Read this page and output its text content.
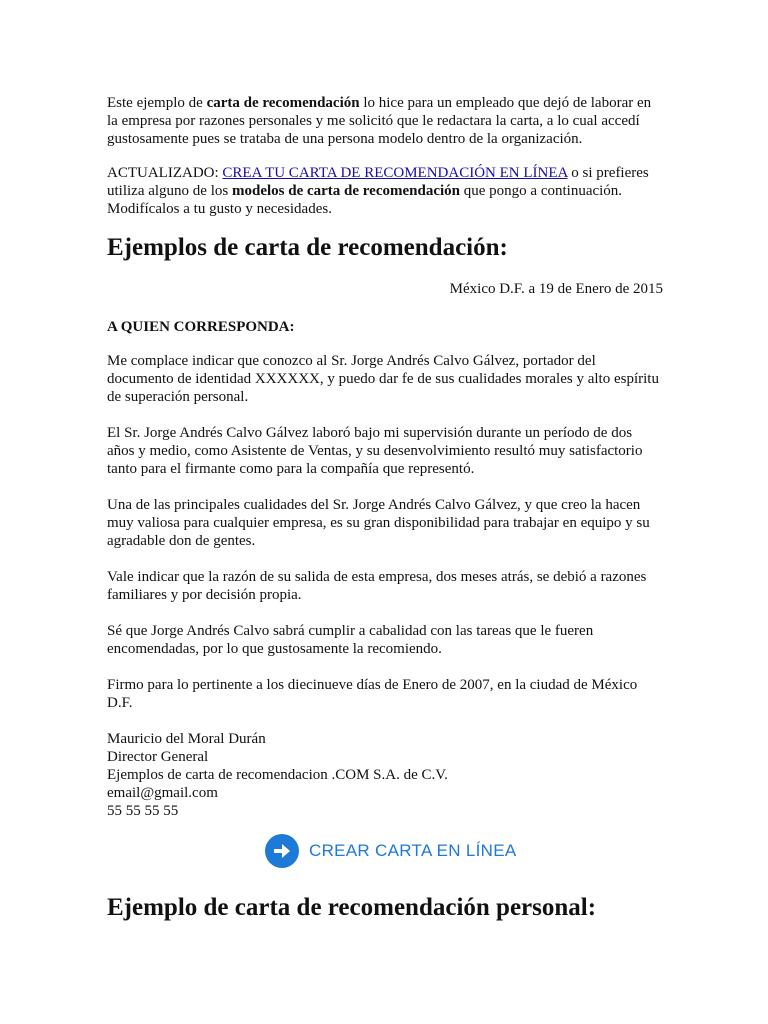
Este ejemplo de carta de recomendación lo hice para un empleado que dejó de laborar en la empresa por razones personales y me solicitó que le redactara la carta, a lo cual accedí gustosamente pues se trataba de una persona modelo dentro de la organización.

ACTUALIZADO: CREA TU CARTA DE RECOMENDACIÓN EN LÍNEA o si prefieres utiliza alguno de los modelos de carta de recomendación que pongo a continuación. Modifícalos a tu gusto y necesidades.

Ejemplos de carta de recomendación:

México D.F. a 19 de Enero de 2015

A QUIEN CORRESPONDA:

Me complace indicar que conozco al Sr. Jorge Andrés Calvo Gálvez, portador del documento de identidad XXXXXX, y puedo dar fe de sus cualidades morales y alto espíritu de superación personal.

El Sr. Jorge Andrés Calvo Gálvez laboró bajo mi supervisión durante un período de dos años y medio, como Asistente de Ventas, y su desenvolvimiento resultó muy satisfactorio tanto para el firmante como para la compañía que representó.

Una de las principales cualidades del Sr. Jorge Andrés Calvo Gálvez, y que creo la hacen muy valiosa para cualquier empresa, es su gran disponibilidad para trabajar en equipo y su agradable don de gentes.

Vale indicar que la razón de su salida de esta empresa, dos meses atrás, se debió a razones familiares y por decisión propia.

Sé que Jorge Andrés Calvo sabrá cumplir a cabalidad con las tareas que le fueren encomendadas, por lo que gustosamente la recomiendo.

Firmo para lo pertinente a los diecinueve días de Enero de 2007, en la ciudad de México D.F.

Mauricio del Moral Durán
Director General
Ejemplos de carta de recomendacion .COM S.A. de C.V.
email@gmail.com
55 55 55 55
CREAR CARTA EN LÍNEA
Ejemplo de carta de recomendación personal:
